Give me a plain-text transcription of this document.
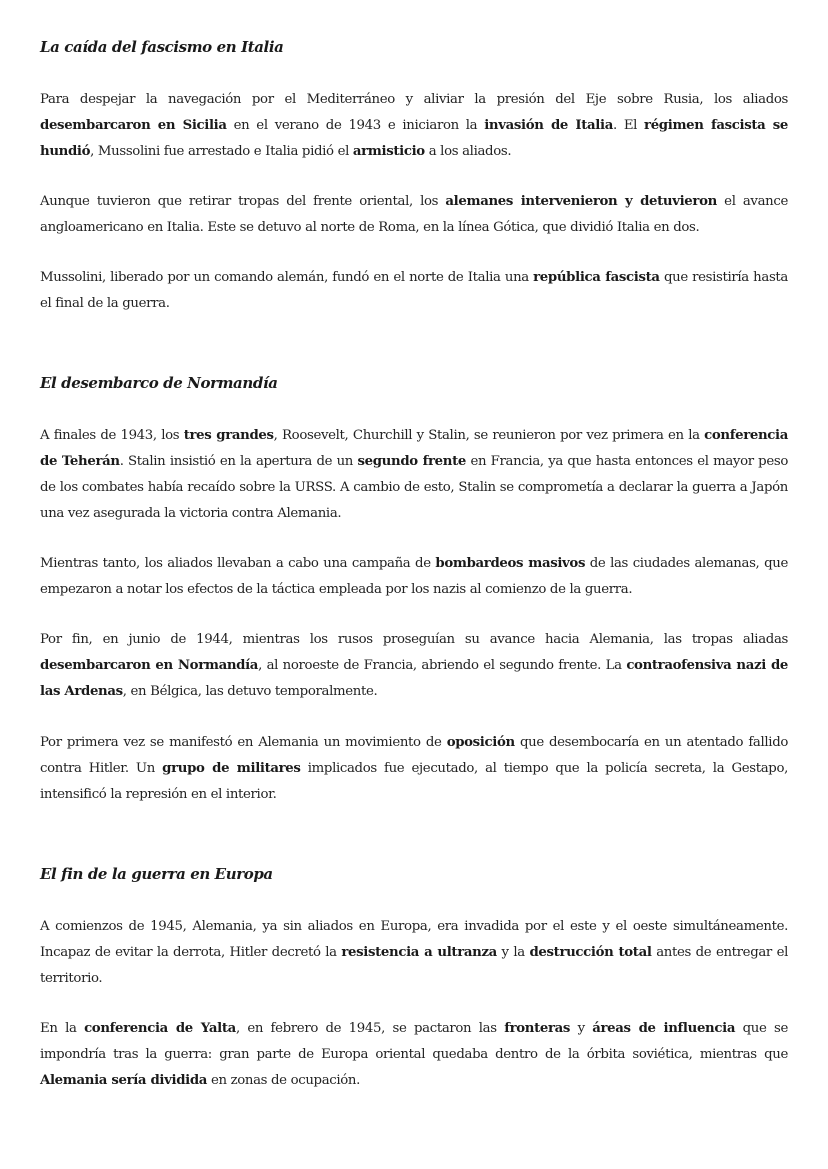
La caída del fascismo en Italia

Para despejar la navegación por el Mediterráneo y aliviar la presión del Eje sobre Rusia, los aliados desembarcaron en Sicilia en el verano de 1943 e iniciaron la invasión de Italia. El régimen fascista se hundió, Mussolini fue arrestado e Italia pidió el armisticio a los aliados.

Aunque tuvieron que retirar tropas del frente oriental, los alemanes intervenieron y detuvieron el avance angloamericano en Italia. Este se detuvo al norte de Roma, en la línea Gótica, que dividió Italia en dos.

Mussolini, liberado por un comando alemán, fundó en el norte de Italia una república fascista que resistiría hasta el final de la guerra.

El desembarco de Normandía

A finales de 1943, los tres grandes, Roosevelt, Churchill y Stalin, se reunieron por vez primera en la conferencia de Teherán. Stalin insistió en la apertura de un segundo frente en Francia, ya que hasta entonces el mayor peso de los combates había recaído sobre la URSS. A cambio de esto, Stalin se comprometía a declarar la guerra a Japón una vez asegurada la victoria contra Alemania.

Mientras tanto, los aliados llevaban a cabo una campaña de bombardeos masivos de las ciudades alemanas, que empezaron a notar los efectos de la táctica empleada por los nazis al comienzo de la guerra.

Por fin, en junio de 1944, mientras los rusos proseguían su avance hacia Alemania, las tropas aliadas desembarcaron en Normandía, al noroeste de Francia, abriendo el segundo frente. La contraofensiva nazi de las Ardenas, en Bélgica, las detuvo temporalmente.

Por primera vez se manifestó en Alemania un movimiento de oposición que desembocaría en un atentado fallido contra Hitler. Un grupo de militares implicados fue ejecutado, al tiempo que la policía secreta, la Gestapo, intensificó la represión en el interior.

El fin de la guerra en Europa

A comienzos de 1945, Alemania, ya sin aliados en Europa, era invadida por el este y el oeste simultáneamente. Incapaz de evitar la derrota, Hitler decretó la resistencia a ultranza y la destrucción total antes de entregar el territorio.

En la conferencia de Yalta, en febrero de 1945, se pactaron las fronteras y áreas de influencia que se impondría tras la guerra: gran parte de Europa oriental quedaba dentro de la órbita soviética, mientras que Alemania sería dividida en zonas de ocupación.
